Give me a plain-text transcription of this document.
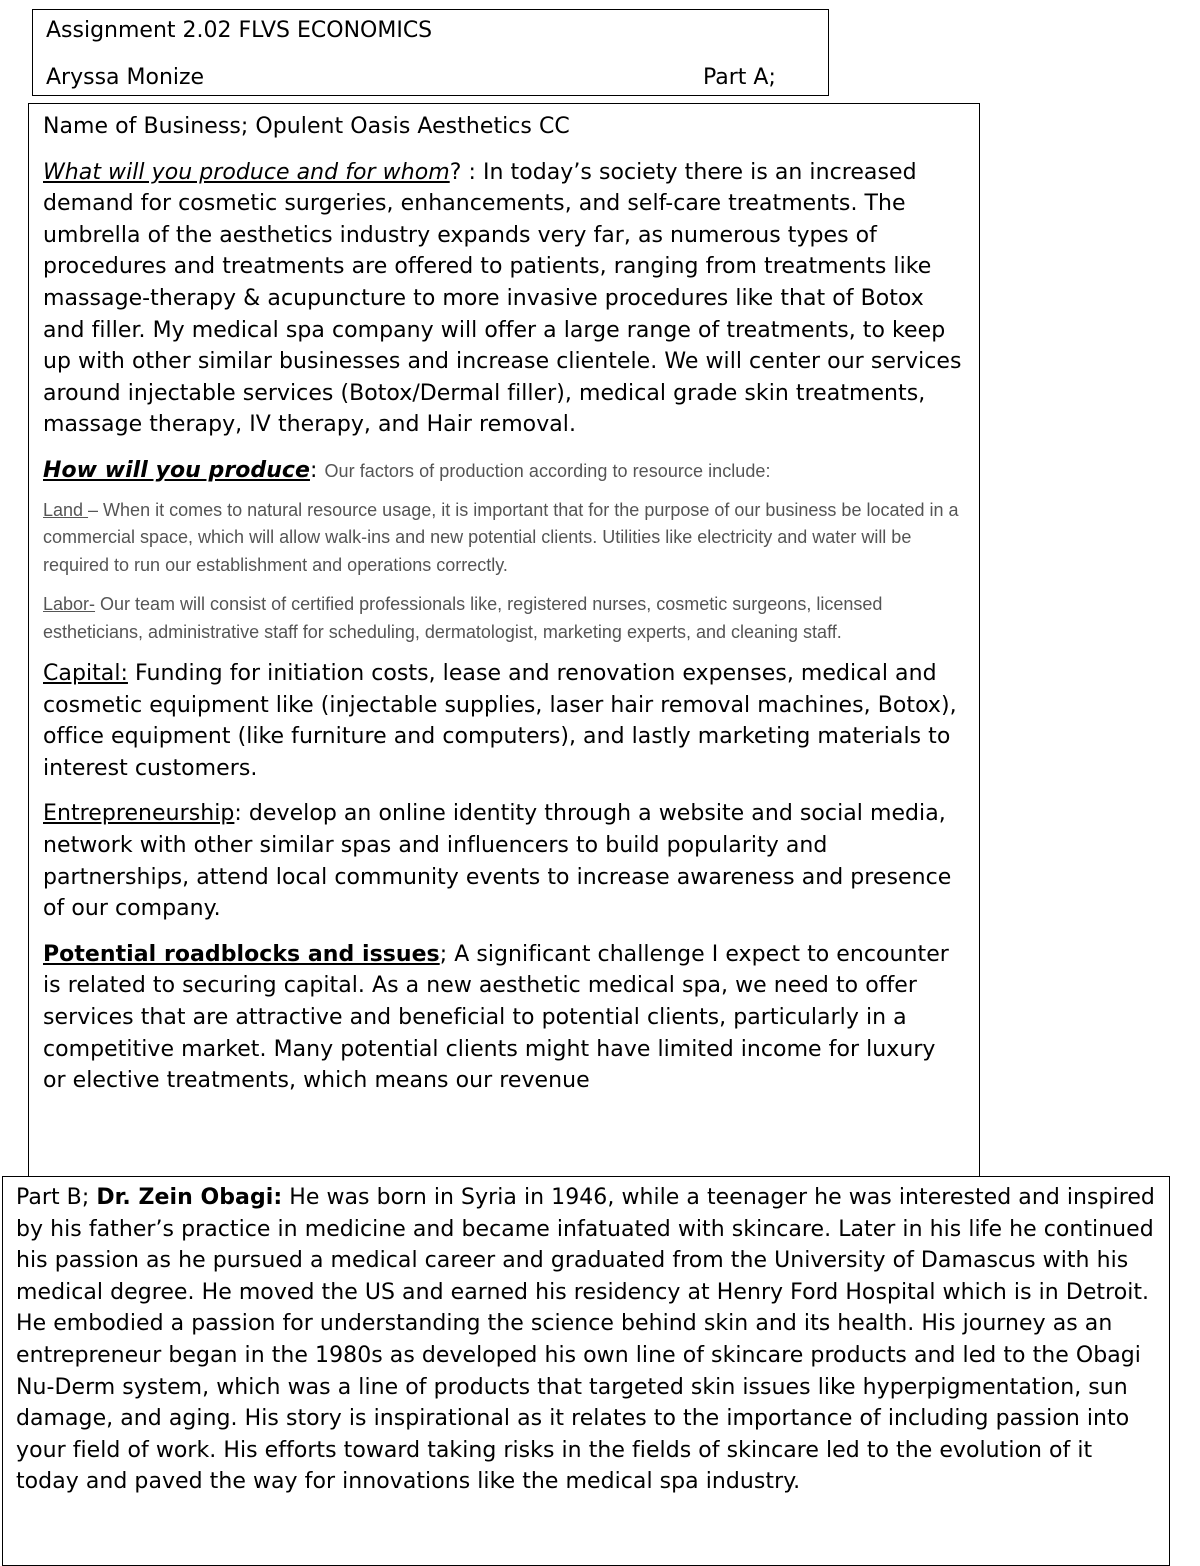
Assignment 2.02 FLVS ECONOMICS
Aryssa Monize	Part A;

Name of Business; Opulent Oasis Aesthetics CC

What will you produce and for whom? : In today’s society there is an increased demand for cosmetic surgeries, enhancements, and self-care treatments. The umbrella of the aesthetics industry expands very far, as numerous types of procedures and treatments are offered to patients, ranging from treatments like massage-therapy & acupuncture to more invasive procedures like that of Botox and filler. My medical spa company will offer a large range of treatments, to keep up with other similar businesses and increase clientele. We will center our services around injectable services (Botox/Dermal filler), medical grade skin treatments, massage therapy, IV therapy, and Hair removal.

How will you produce: Our factors of production according to resource include:

Land – When it comes to natural resource usage, it is important that for the purpose of our business be located in a commercial space, which will allow walk-ins and new potential clients. Utilities like electricity and water will be required to run our establishment and operations correctly.

Labor- Our team will consist of certified professionals like, registered nurses, cosmetic surgeons, licensed estheticians, administrative staff for scheduling, dermatologist, marketing experts, and cleaning staff.

Capital: Funding for initiation costs, lease and renovation expenses, medical and cosmetic equipment like (injectable supplies, laser hair removal machines, Botox), office equipment (like furniture and computers), and lastly marketing materials to interest customers.

Entrepreneurship: develop an online identity through a website and social media, network with other similar spas and influencers to build popularity and partnerships, attend local community events to increase awareness and presence of our company.

Potential roadblocks and issues; A significant challenge I expect to encounter is related to securing capital. As a new aesthetic medical spa, we need to offer services that are attractive and beneficial to potential clients, particularly in a competitive market. Many potential clients might have limited income for luxury or elective treatments, which means our revenue

Part B; Dr. Zein Obagi: He was born in Syria in 1946, while a teenager he was interested and inspired by his father’s practice in medicine and became infatuated with skincare. Later in his life he continued his passion as he pursued a medical career and graduated from the University of Damascus with his medical degree. He moved the US and earned his residency at Henry Ford Hospital which is in Detroit. He embodied a passion for understanding the science behind skin and its health. His journey as an entrepreneur began in the 1980s as developed his own line of skincare products and led to the Obagi Nu-Derm system, which was a line of products that targeted skin issues like hyperpigmentation, sun damage, and aging. His story is inspirational as it relates to the importance of including passion into your field of work. His efforts toward taking risks in the fields of skincare led to the evolution of it today and paved the way for innovations like the medical spa industry.
